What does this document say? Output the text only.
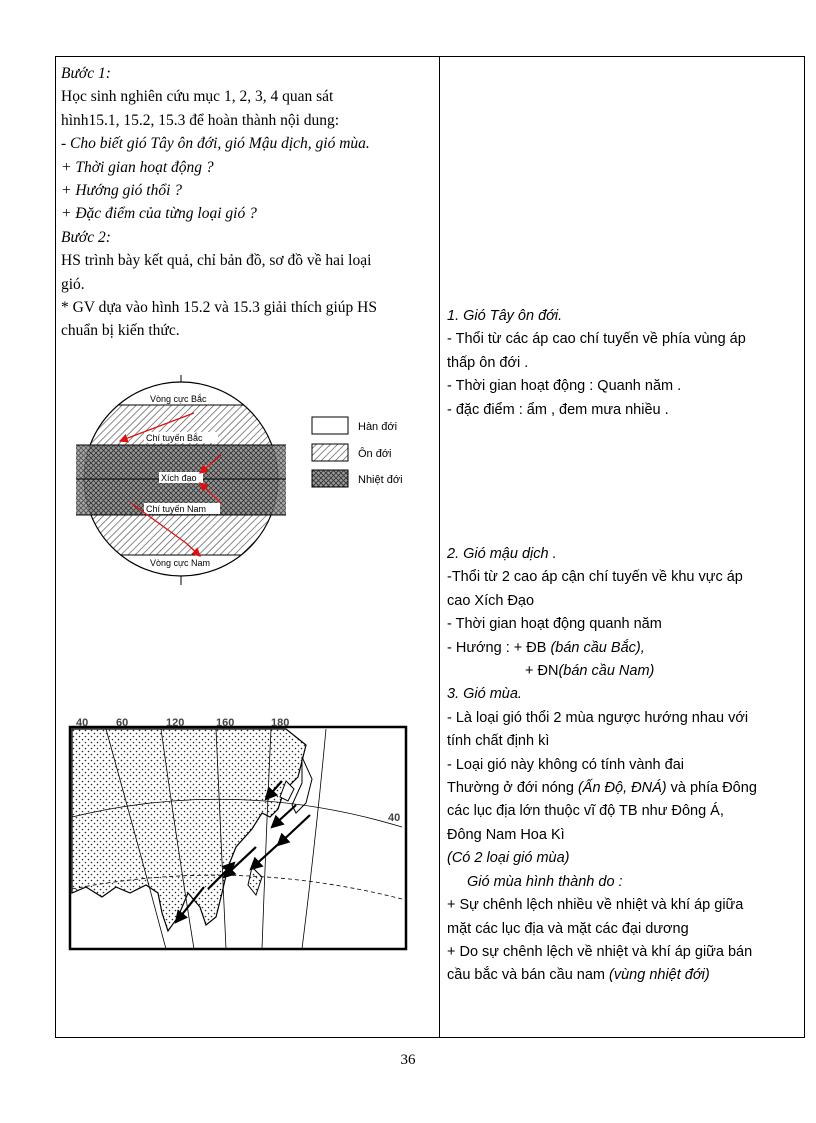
Bước 1:
Học sinh nghiên cứu mục 1, 2, 3, 4 quan sát
hình15.1, 15.2, 15.3 để hoàn thành nội dung:
- Cho biết gió Tây ôn đới, gió Mậu dịch, gió mùa.
+ Thời gian hoạt động ?
+ Hướng gió thổi ?
+ Đặc điểm của từng loại gió ?
Bước 2:
HS trình bày kết quả, chỉ bản đồ, sơ đồ về hai loại
gió.
* GV dựa vào hình 15.2 và 15.3 giải thích giúp HS
chuẩn bị kiến thức.
Vòng cực Bắc
Chí tuyến Bắc
Xích đạo
Chí tuyến Nam
Vòng cực Nam
Hàn đới
Ôn đới
Nhiệt đới
40	60	120	160	180
40
1. Gió Tây ôn đới.
- Thổi từ các áp cao chí tuyến về phía vùng áp
thấp ôn đới .
- Thời gian hoạt động : Quanh năm .
- đặc điểm : ẩm , đem mưa nhiều .
2. Gió mậu dịch .
-Thổi từ 2 cao áp cận chí tuyến về khu vực áp
cao Xích Đạo
- Thời gian hoạt động quanh năm
- Hướng : + ĐB (bán cầu Bắc),
+ ĐN(bán cầu Nam)
3. Gió mùa.
- Là loại gió thổi 2 mùa ngược hướng nhau với
tính chất định kì
- Loại gió này không có tính vành đai
Thường ở đới nóng (Ấn Độ, ĐNÁ) và phía Đông
các lục địa lớn thuộc vĩ độ TB như Đông Á,
Đông Nam Hoa Kì
(Có 2 loại gió mùa)
Gió mùa hình thành do :
+ Sự chênh lệch nhiều về nhiệt và khí áp giữa
mặt các lục địa và mặt các đại dương
+ Do sự chênh lệch về nhiệt và khí áp giữa bán
cầu bắc và bán cầu nam (vùng nhiệt đới)
36
